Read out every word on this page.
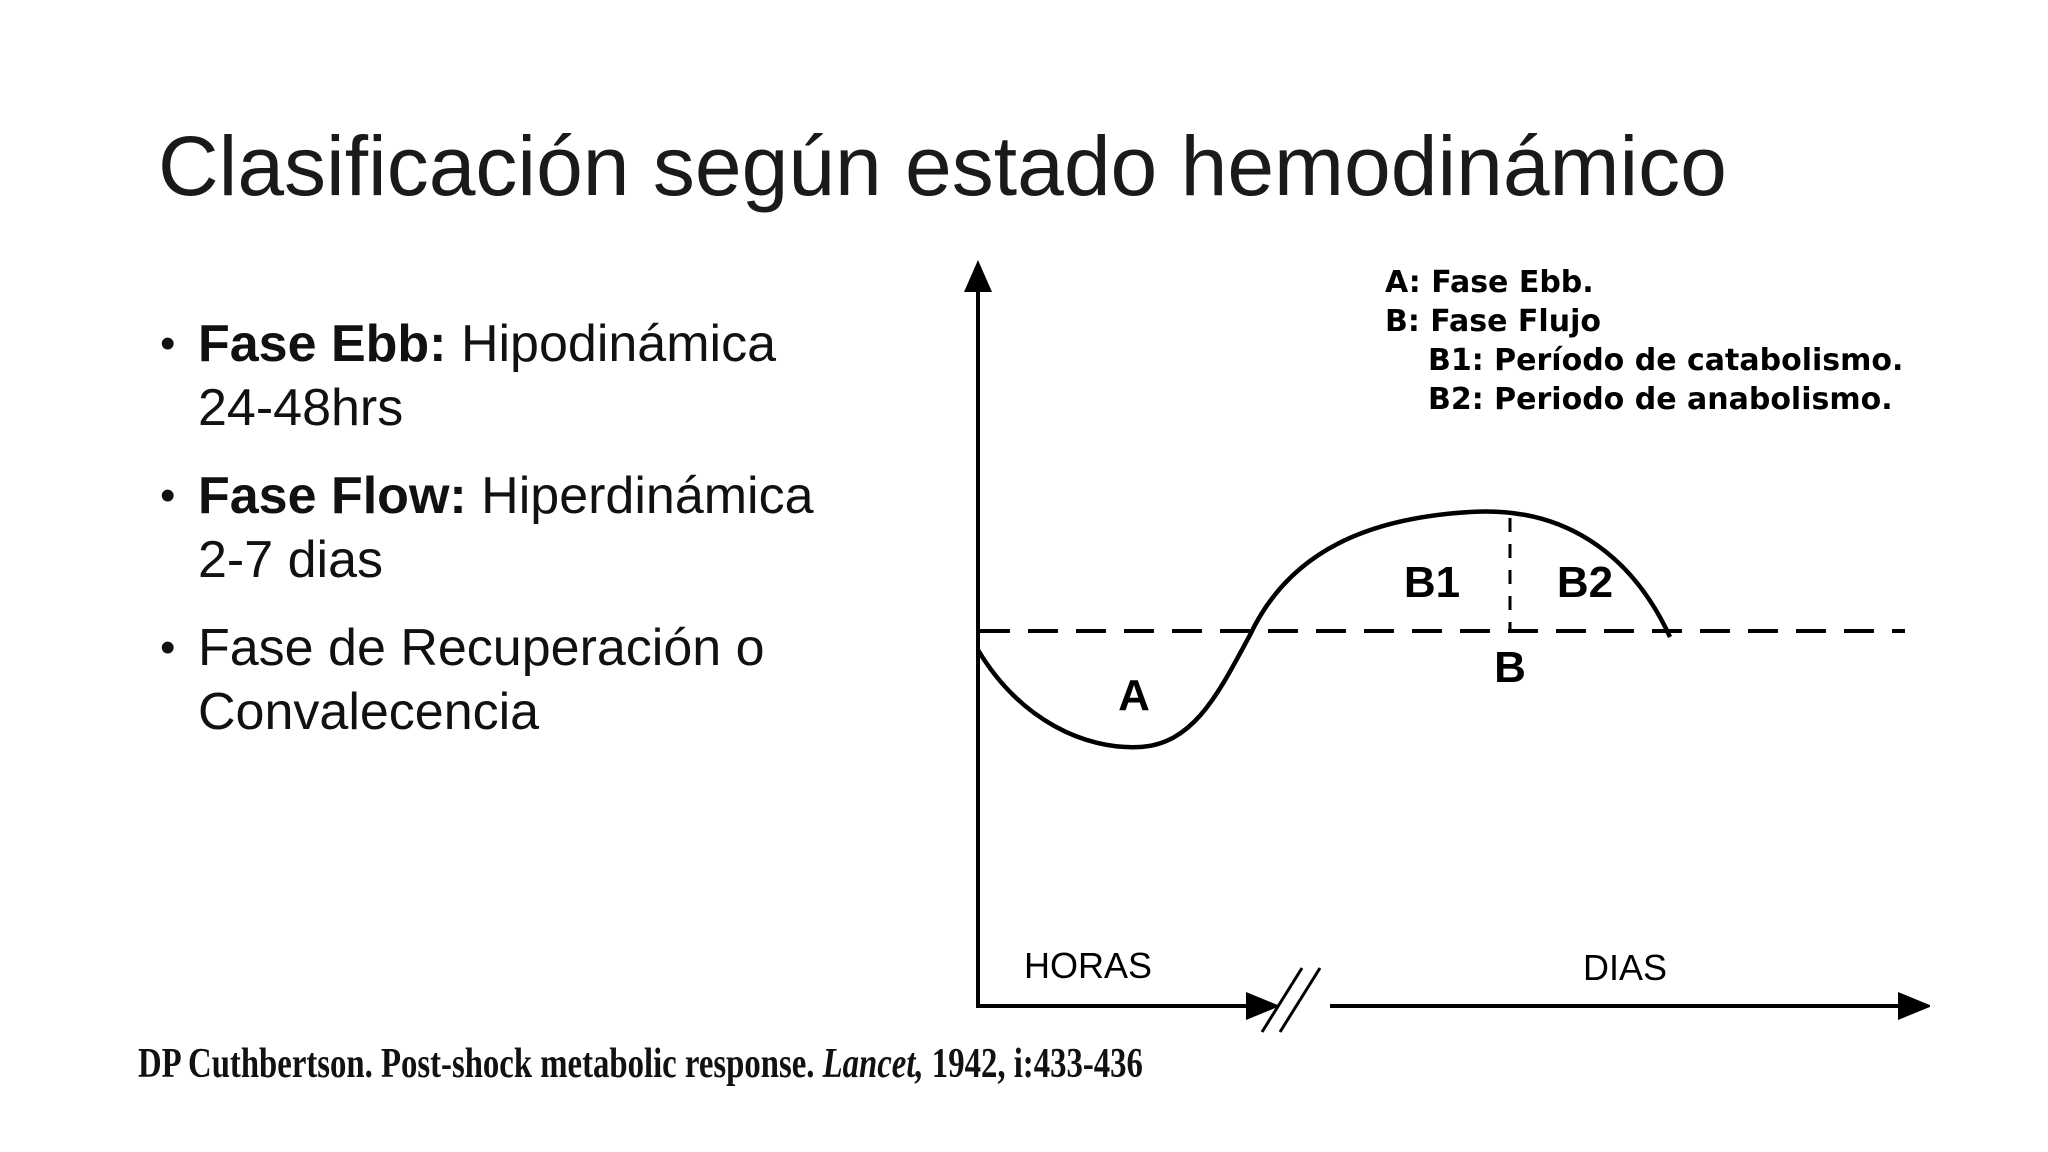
Clasificación según estado hemodinámico
• Fase Ebb: Hipodinámica
24-48hrs
• Fase Flow: Hiperdinámica
2-7 dias
• Fase de Recuperación o
Convalecencia
HORAS	DIAS
A
B1 B2
B
A: Fase Ebb.
B: Fase Flujo
B1: Período de catabolismo.
B2: Periodo de anabolismo.
DP Cuthbertson. Post-shock metabolic response. Lancet, 1942, i:433-436
